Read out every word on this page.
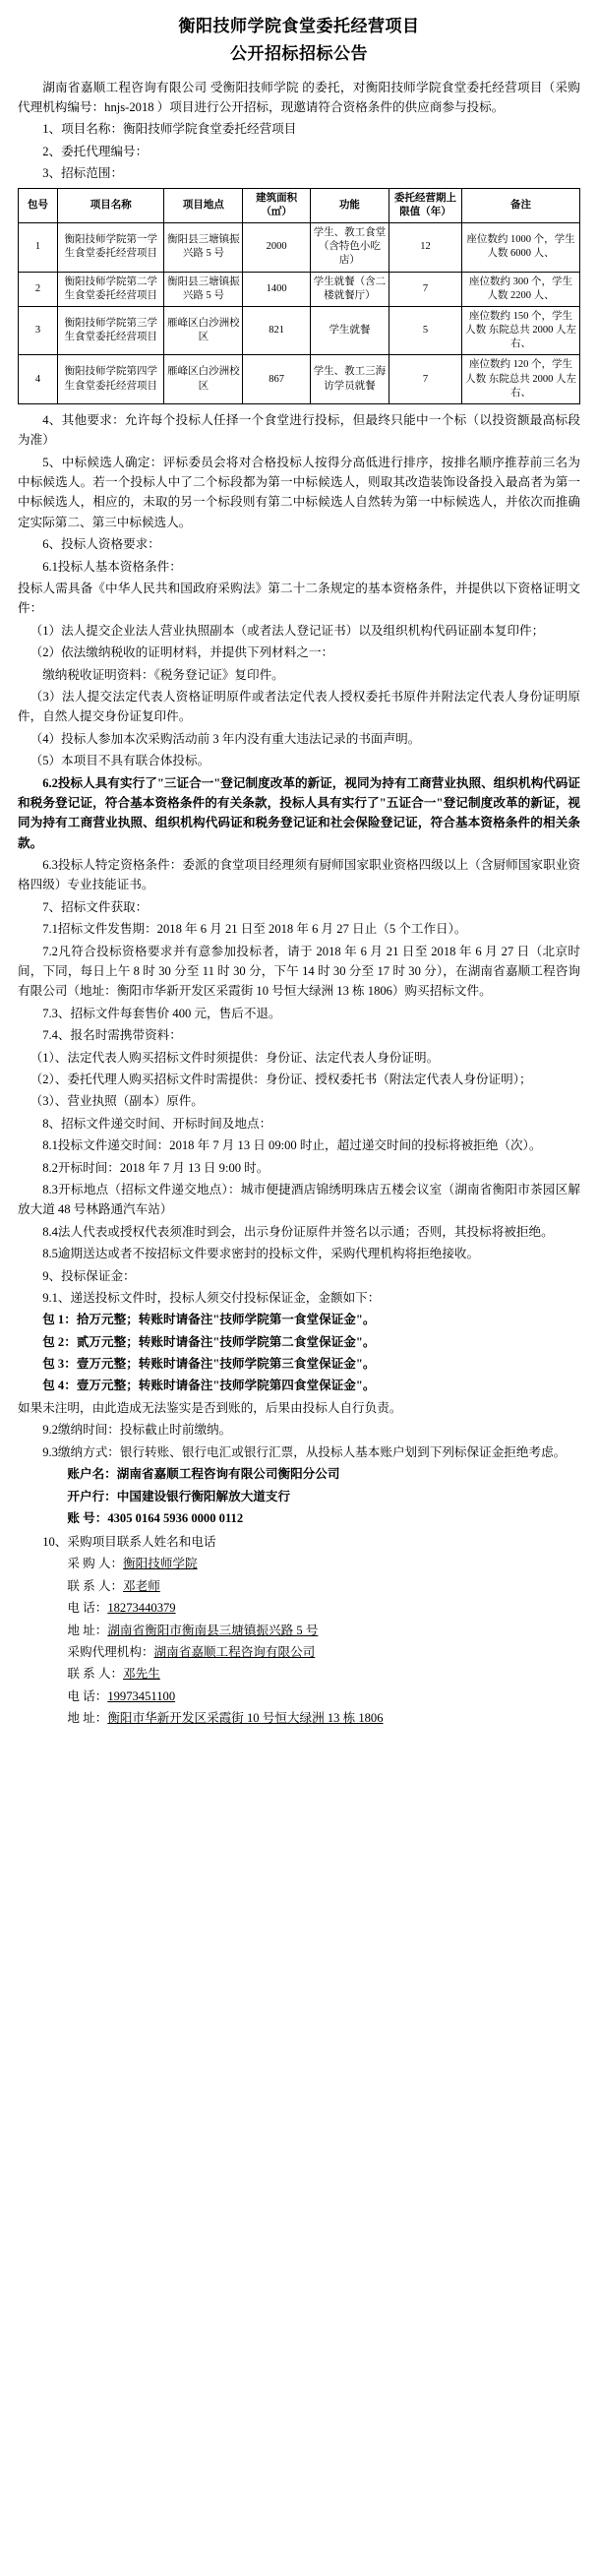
衡阳技师学院食堂委托经营项目
公开招标招标公告

湖南省嘉顺工程咨询有限公司 受衡阳技师学院 的委托，对衡阳技师学院食堂委托经营项目（采购代理机构编号：hnjs-2018 ）项目进行公开招标，现邀请符合资格条件的供应商参与投标。

1、项目名称：衡阳技师学院食堂委托经营项目

2、委托代理编号：

3、招标范围：

包号	项目名称	项目地点	建筑面积（㎡）	功能	委托经营期上限值（年）	备注
1	衡阳技师学院第一学生食堂委托经营项目	衡阳县三塘镇振兴路 5 号	2000	学生、教工食堂（含特色小吃店）	12	座位数约 1000 个，学生人数 6000 人、
2	衡阳技师学院第二学生食堂委托经营项目	衡阳县三塘镇振兴路 5 号	1400	学生就餐（含二楼就餐厅）	7	座位数约 300 个，学生人数 2200 人、
3	衡阳技师学院第三学生食堂委托经营项目	雁峰区白沙洲校区	821	学生就餐	5	座位数约 150 个，学生人数 东院总共 2000 人左右、
4	衡阳技师学院第四学生食堂委托经营项目	雁峰区白沙洲校区	867	学生、教工三海访学员就餐	7	座位数约 120 个，学生人数 东院总共 2000 人左右、

4、其他要求：允许每个投标人任择一个食堂进行投标，但最终只能中一个标（以投资额最高标段为准）

5、中标候选人确定：评标委员会将对合格投标人按得分高低进行排序，按排名顺序推荐前三名为中标候选人。若一个投标人中了二个标段都为第一中标候选人，则取其改造装饰设备投入最高者为第一中标候选人，相应的，未取的另一个标段则有第二中标候选人自然转为第一中标候选人，并依次而推确定实际第二、第三中标候选人。

6、投标人资格要求：

6.1投标人基本资格条件：

投标人需具备《中华人民共和国政府采购法》第二十二条规定的基本资格条件，并提供以下资格证明文件：

（1）法人提交企业法人营业执照副本（或者法人登记证书）以及组织机构代码证副本复印件；

（2）依法缴纳税收的证明材料，并提供下列材料之一：

缴纳税收证明资料：《税务登记证》复印件。

（3）法人提交法定代表人资格证明原件或者法定代表人授权委托书原件并附法定代表人身份证明原件，自然人提交身份证复印件。

（4）投标人参加本次采购活动前 3 年内没有重大违法记录的书面声明。

（5）本项目不具有联合体投标。

6.2投标人具有实行了"三证合一"登记制度改革的新证，视同为持有工商营业执照、组织机构代码证和税务登记证，符合基本资格条件的有关条款，投标人具有实行了"五证合一"登记制度改革的新证，视同为持有工商营业执照、组织机构代码证和税务登记证和社会保险登记证，符合基本资格条件的相关条款。

6.3投标人特定资格条件：委派的食堂项目经理须有厨师国家职业资格四级以上（含厨师国家职业资格四级）专业技能证书。

7、招标文件获取：

7.1招标文件发售期：2018 年 6 月 21 日至 2018 年 6 月 27 日止（5 个工作日）。

7.2凡符合投标资格要求并有意参加投标者，请于 2018 年 6 月 21 日至 2018 年 6 月 27 日（北京时间，下同，每日上午 8 时 30 分至 11 时 30 分，下午 14 时 30 分至 17 时 30 分），在湖南省嘉顺工程咨询有限公司（地址：衡阳市华新开发区采霞街 10 号恒大绿洲 13 栋 1806）购买招标文件。

7.3、招标文件每套售价 400 元，售后不退。

7.4、报名时需携带资料：

（1）、法定代表人购买招标文件时须提供：身份证、法定代表人身份证明。

（2）、委托代理人购买招标文件时需提供：身份证、授权委托书（附法定代表人身份证明）；

（3）、营业执照（副本）原件。

8、招标文件递交时间、开标时间及地点：

8.1投标文件递交时间：2018 年 7 月 13 日 09:00 时止，超过递交时间的投标将被拒绝（次）。

8.2开标时间：2018 年 7 月 13 日 9:00 时。

8.3开标地点（招标文件递交地点）：城市便捷酒店锦绣明珠店五楼会议室（湖南省衡阳市茶园区解放大道 48 号林路通汽车站）

8.4法人代表或授权代表须准时到会，出示身份证原件并签名以示通；否则，其投标将被拒绝。

8.5逾期送达或者不按招标文件要求密封的投标文件，采购代理机构将拒绝接收。

9、投标保证金：

9.1、递送投标文件时，投标人须交付投标保证金，金额如下：

包 1：拾万元整；转账时请备注"技师学院第一食堂保证金"。

包 2：贰万元整；转账时请备注"技师学院第二食堂保证金"。

包 3：壹万元整；转账时请备注"技师学院第三食堂保证金"。

包 4：壹万元整；转账时请备注"技师学院第四食堂保证金"。

如果未注明，由此造成无法鉴实是否到账的，后果由投标人自行负责。

9.2缴纳时间：投标截止时前缴纳。

9.3缴纳方式：银行转账、银行电汇或银行汇票，从投标人基本账户划到下列标保证金拒绝考虑。

账户名：湖南省嘉顺工程咨询有限公司衡阳分公司

开户行：中国建设银行衡阳解放大道支行

账 号：4305 0164 5936 0000 0112

10、采购项目联系人姓名和电话

采 购 人：衡阳技师学院

联 系 人：邓老师

电 话：18273440379

地 址：湖南省衡阳市衡南县三塘镇振兴路 5 号

采购代理机构：湖南省嘉顺工程咨询有限公司

联 系 人：邓先生

电 话：19973451100

地 址：衡阳市华新开发区采霞街 10 号恒大绿洲 13 栋 1806
